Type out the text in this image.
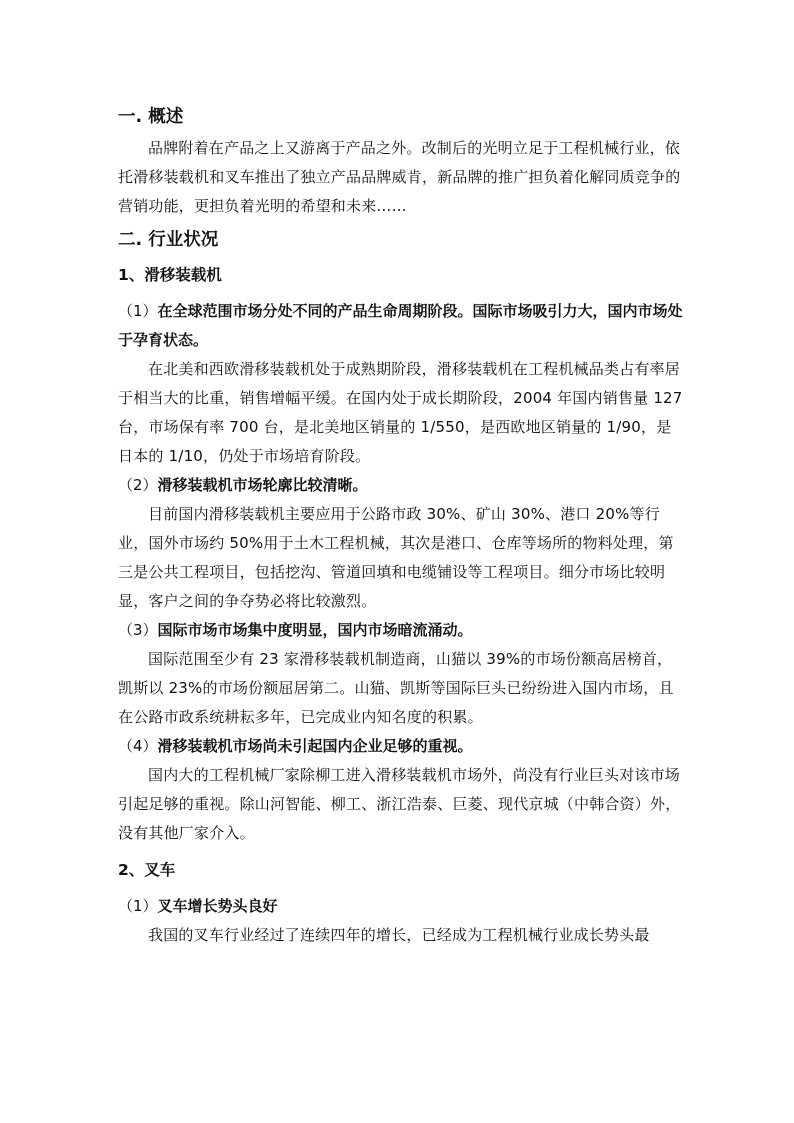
一. 概述

品牌附着在产品之上又游离于产品之外。改制后的光明立足于工程机械行业，依托滑移装载机和叉车推出了独立产品品牌威肯，新品牌的推广担负着化解同质竞争的营销功能，更担负着光明的希望和未来……

二. 行业状况
1、滑移装载机

（1）在全球范围市场分处不同的产品生命周期阶段。国际市场吸引力大，国内市场处于孕育状态。

在北美和西欧滑移装载机处于成熟期阶段，滑移装载机在工程机械品类占有率居于相当大的比重，销售增幅平缓。在国内处于成长期阶段，2004 年国内销售量 127 台，市场保有率 700 台，是北美地区销量的 1/550，是西欧地区销量的 1/90，是日本的 1/10，仍处于市场培育阶段。

（2）滑移装载机市场轮廓比较清晰。

目前国内滑移装载机主要应用于公路市政 30%、矿山 30%、港口 20%等行业，国外市场约 50%用于土木工程机械，其次是港口、仓库等场所的物料处理，第三是公共工程项目，包括挖沟、管道回填和电缆铺设等工程项目。细分市场比较明显，客户之间的争夺势必将比较激烈。

（3）国际市场市场集中度明显，国内市场暗流涌动。

国际范围至少有 23 家滑移装载机制造商，山猫以 39%的市场份额高居榜首，凯斯以 23%的市场份额屈居第二。山猫、凯斯等国际巨头已纷纷进入国内市场，且在公路市政系统耕耘多年，已完成业内知名度的积累。

（4）滑移装载机市场尚未引起国内企业足够的重视。

国内大的工程机械厂家除柳工进入滑移装载机市场外，尚没有行业巨头对该市场引起足够的重视。除山河智能、柳工、浙江浩泰、巨菱、现代京城（中韩合资）外，没有其他厂家介入。

2、叉车

（1）叉车增长势头良好

我国的叉车行业经过了连续四年的增长，已经成为工程机械行业成长势头最
